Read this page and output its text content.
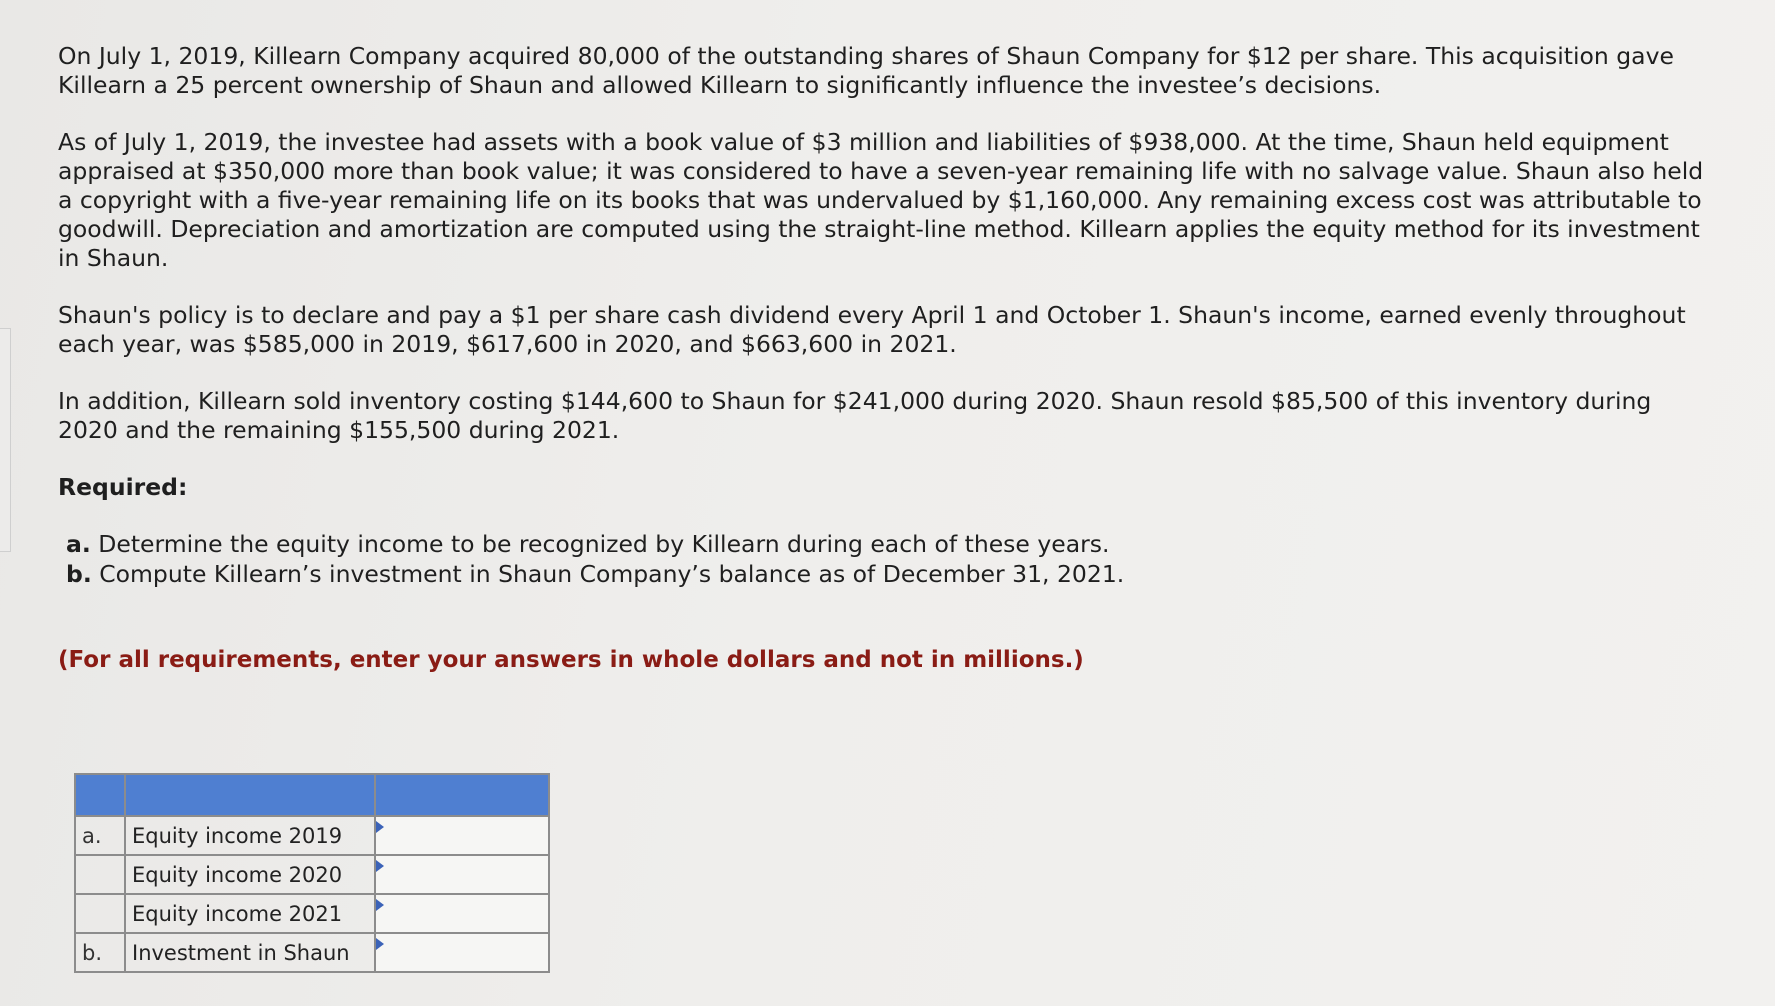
On July 1, 2019, Killearn Company acquired 80,000 of the outstanding shares of Shaun Company for $12 per share. This acquisition gave Killearn a 25 percent ownership of Shaun and allowed Killearn to significantly influence the investee’s decisions.

As of July 1, 2019, the investee had assets with a book value of $3 million and liabilities of $938,000. At the time, Shaun held equipment appraised at $350,000 more than book value; it was considered to have a seven-year remaining life with no salvage value. Shaun also held a copyright with a five-year remaining life on its books that was undervalued by $1,160,000. Any remaining excess cost was attributable to goodwill. Depreciation and amortization are computed using the straight-line method. Killearn applies the equity method for its investment in Shaun.

Shaun's policy is to declare and pay a $1 per share cash dividend every April 1 and October 1. Shaun's income, earned evenly throughout each year, was $585,000 in 2019, $617,600 in 2020, and $663,600 in 2021.

In addition, Killearn sold inventory costing $144,600 to Shaun for $241,000 during 2020. Shaun resold $85,500 of this inventory during 2020 and the remaining $155,500 during 2021.

Required:
a. Determine the equity income to be recognized by Killearn during each of these years.
b. Compute Killearn’s investment in Shaun Company’s balance as of December 31, 2021.
(For all requirements, enter your answers in whole dollars and not in millions.)

a.	Equity income 2019	

	Equity income 2020	

	Equity income 2021	

b.	Investment in Shaun	
